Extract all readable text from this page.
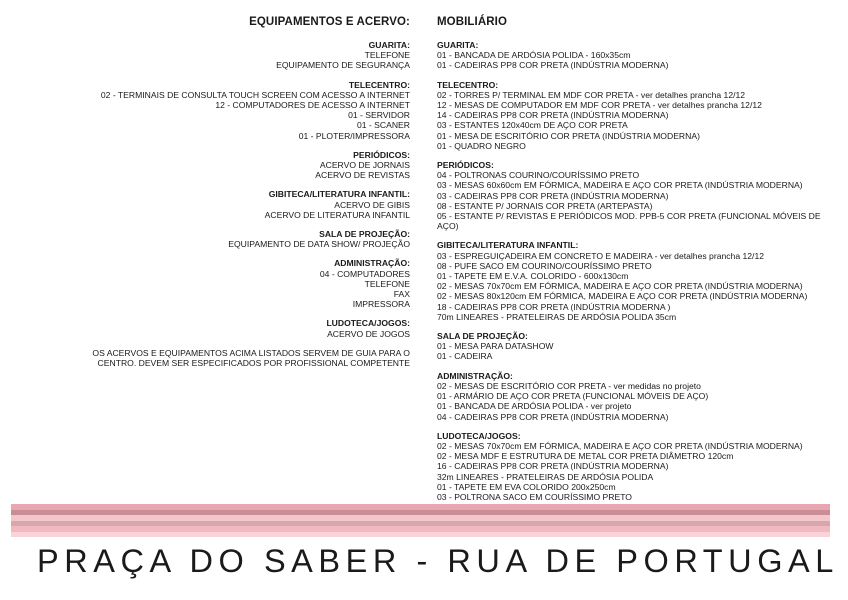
EQUIPAMENTOS E ACERVO:
GUARITA:
TELEFONE
EQUIPAMENTO DE SEGURANÇA
TELECENTRO:
02 - TERMINAIS DE CONSULTA TOUCH SCREEN COM ACESSO A INTERNET
12 - COMPUTADORES DE ACESSO A INTERNET
01 - SERVIDOR
01 - SCANER
01 - PLOTER/IMPRESSORA
PERIÓDICOS:
ACERVO DE JORNAIS
ACERVO DE REVISTAS
GIBITECA/LITERATURA INFANTIL:
ACERVO DE GIBIS
ACERVO DE LITERATURA INFANTIL
SALA DE PROJEÇÃO:
EQUIPAMENTO DE DATA SHOW/ PROJEÇÃO
ADMINISTRAÇÃO:
04 - COMPUTADORES
TELEFONE
FAX
IMPRESSORA
LUDOTECA/JOGOS:
ACERVO DE JOGOS
OS ACERVOS E EQUIPAMENTOS ACIMA LISTADOS SERVEM DE GUIA PARA O
CENTRO. DEVEM SER ESPECIFICADOS POR PROFISSIONAL COMPETENTE
MOBILIÁRIO
GUARITA:
01 - BANCADA DE ARDÓSIA POLIDA - 160x35cm
01 - CADEIRAS PP8 COR PRETA (INDÚSTRIA MODERNA)
TELECENTRO:
02 - TORRES P/ TERMINAL EM MDF COR PRETA - ver detalhes prancha 12/12
12 - MESAS DE COMPUTADOR EM MDF COR PRETA - ver detalhes prancha 12/12
14 - CADEIRAS PP8 COR PRETA (INDÚSTRIA MODERNA)
03 - ESTANTES 120x40cm DE AÇO COR PRETA
01 - MESA DE ESCRITÓRIO COR PRETA (INDÚSTRIA MODERNA)
01 - QUADRO NEGRO
PERIÓDICOS:
04 - POLTRONAS COURINO/COURÍSSIMO PRETO
03 - MESAS 60x60cm EM FÓRMICA, MADEIRA E AÇO COR PRETA (INDÚSTRIA MODERNA)
03 - CADEIRAS PP8 COR PRETA (INDÚSTRIA MODERNA)
08 - ESTANTE P/ JORNAIS COR PRETA (ARTEPASTA)
05 - ESTANTE P/ REVISTAS E PERIÓDICOS MOD. PPB-5 COR PRETA (FUNCIONAL MÓVEIS DE AÇO)
GIBITECA/LITERATURA INFANTIL:
03 - ESPREGUIÇADEIRA EM CONCRETO E MADEIRA - ver detalhes prancha 12/12
08 - PUFE SACO EM COURINO/COURÍSSIMO PRETO
01 - TAPETE EM E.V.A. COLORIDO - 600x130cm
02 - MESAS 70x70cm EM FÓRMICA, MADEIRA E AÇO COR PRETA (INDÚSTRIA MODERNA)
02 - MESAS 80x120cm EM FÓRMICA, MADEIRA E AÇO COR PRETA (INDÚSTRIA MODERNA)
18 - CADEIRAS PP8 COR PRETA (INDÚSTRIA MODERNA )
70m LINEARES - PRATELEIRAS DE ARDÓSIA POLIDA 35cm
SALA DE PROJEÇÃO:
01 - MESA PARA DATASHOW
01 - CADEIRA
ADMINISTRAÇÃO:
02 - MESAS DE ESCRITÓRIO COR PRETA - ver medidas no projeto
01 - ARMÁRIO DE AÇO COR PRETA (FUNCIONAL MÓVEIS DE AÇO)
01 - BANCADA DE ARDÓSIA POLIDA - ver projeto
04 - CADEIRAS PP8 COR PRETA (INDÚSTRIA MODERNA)
LUDOTECA/JOGOS:
02 - MESAS 70x70cm EM FÓRMICA, MADEIRA E AÇO COR PRETA (INDÚSTRIA MODERNA)
02 - MESA MDF E ESTRUTURA DE METAL COR PRETA DIÂMETRO 120cm
16 - CADEIRAS PP8 COR PRETA (INDÚSTRIA MODERNA)
32m LINEARES - PRATELEIRAS DE ARDÓSIA POLIDA
01 - TAPETE EM EVA COLORIDO 200x250cm
03 - POLTRONA SACO EM COURÍSSIMO PRETO
PRAÇA DO SABER - RUA DE PORTUGAL
